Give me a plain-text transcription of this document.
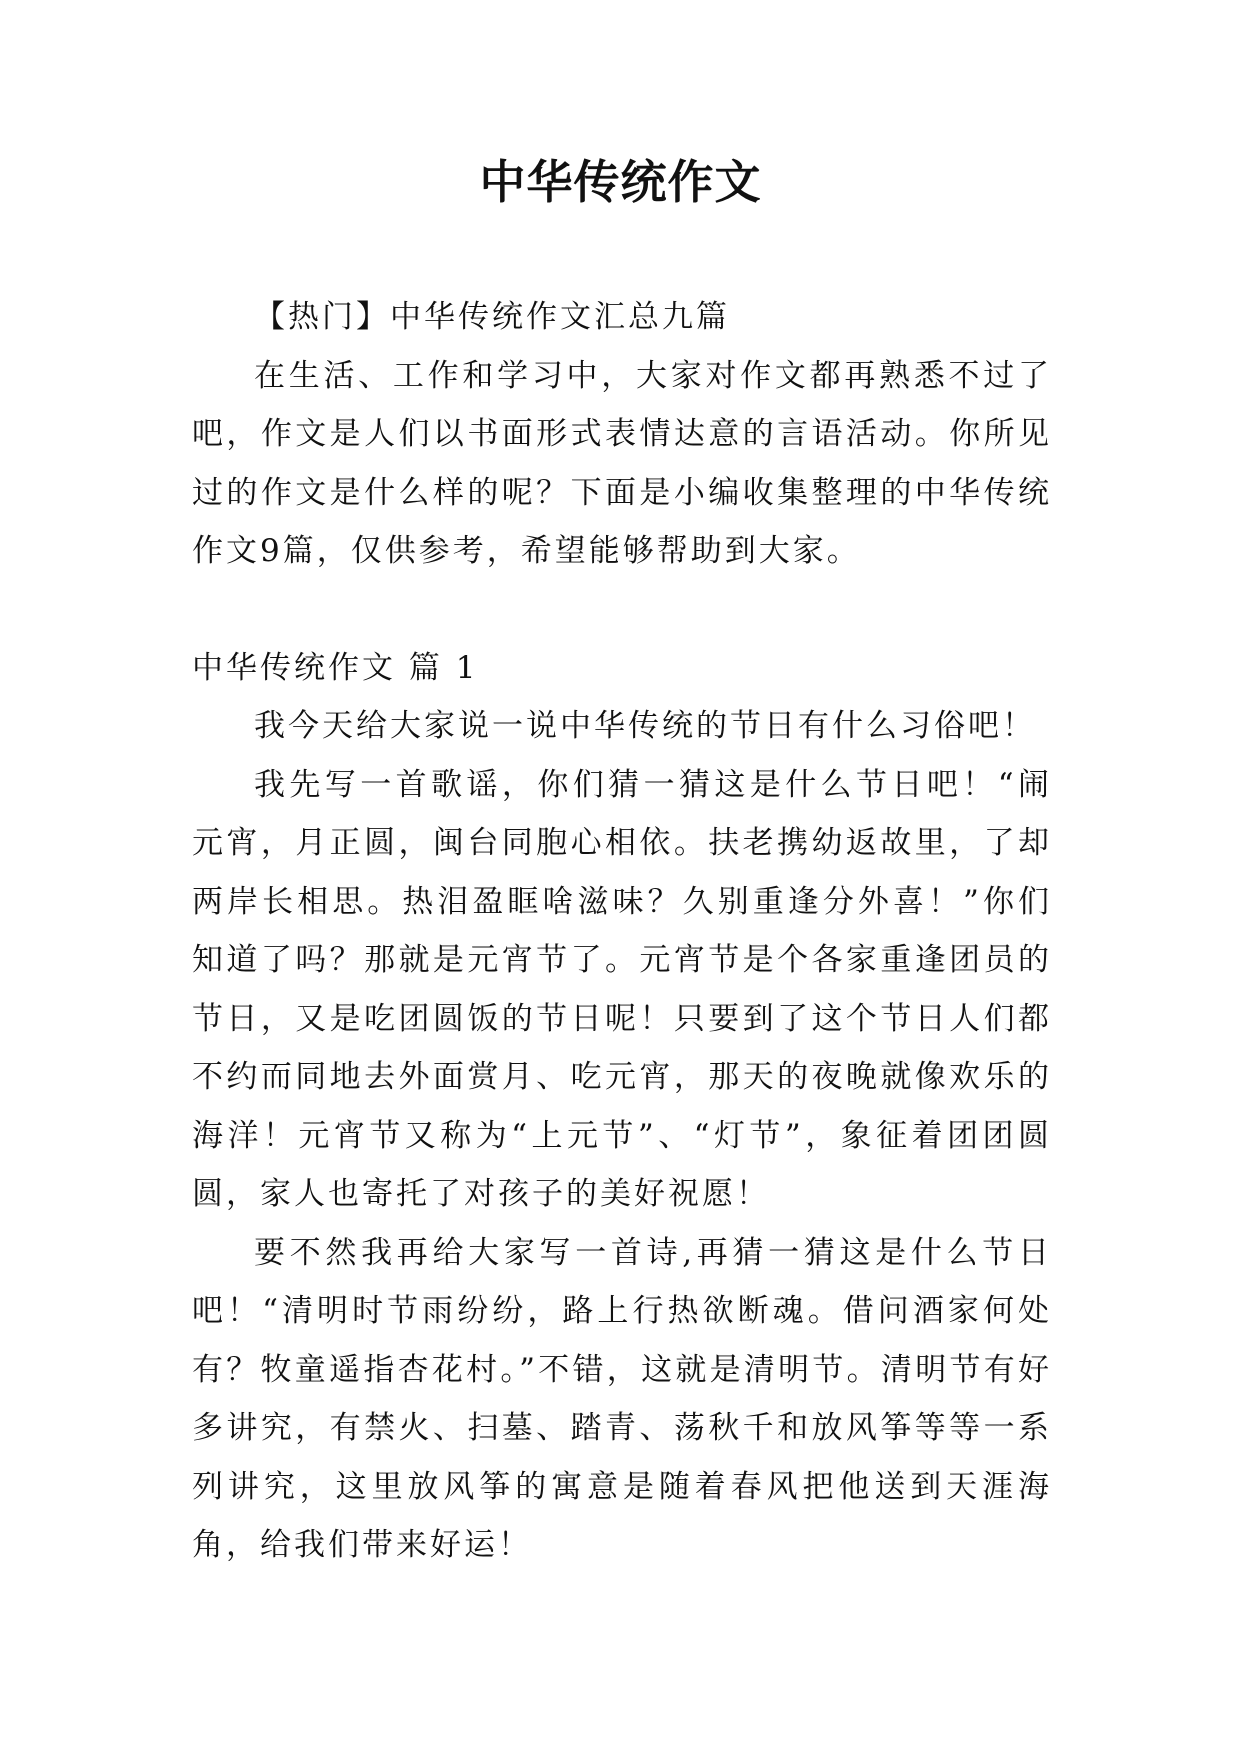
中华传统作文

【热门】中华传统作文汇总九篇

在生活、工作和学习中，大家对作文都再熟悉不过了吧，作文是人们以书面形式表情达意的言语活动。你所见过的作文是什么样的呢？下面是小编收集整理的中华传统作文9篇，仅供参考，希望能够帮助到大家。

中华传统作文 篇 1

我今天给大家说一说中华传统的节日有什么习俗吧！

我先写一首歌谣，你们猜一猜这是什么节日吧！“闹元宵，月正圆，闽台同胞心相依。扶老携幼返故里，了却两岸长相思。热泪盈眶啥滋味？久别重逢分外喜！”你们知道了吗？那就是元宵节了。元宵节是个各家重逢团员的节日，又是吃团圆饭的节日呢！只要到了这个节日人们都不约而同地去外面赏月、吃元宵，那天的夜晚就像欢乐的海洋！元宵节又称为“上元节”、“灯节”，象征着团团圆圆，家人也寄托了对孩子的美好祝愿！

要不然我再给大家写一首诗,再猜一猜这是什么节日吧！“清明时节雨纷纷，路上行热欲断魂。借问酒家何处有？牧童遥指杏花村。”不错，这就是清明节。清明节有好多讲究，有禁火、扫墓、踏青、荡秋千和放风筝等等一系列讲究，这里放风筝的寓意是随着春风把他送到天涯海角，给我们带来好运！
